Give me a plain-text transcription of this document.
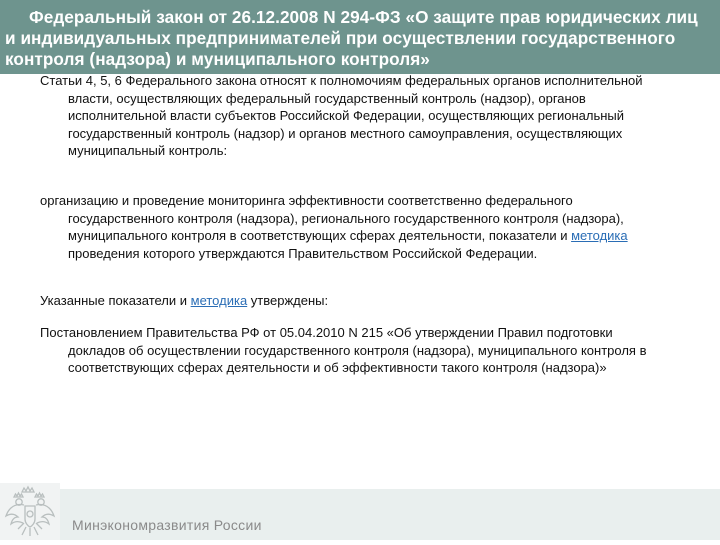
Федеральный закон от 26.12.2008 N 294-ФЗ «О защите прав юридических лиц и индивидуальных предпринимателей при осуществлении государственного контроля (надзора) и муниципального контроля»

Статьи 4, 5, 6 Федерального закона относят к полномочиям федеральных органов исполнительной
власти, осуществляющих федеральный государственный контроль (надзор), органов
исполнительной власти субъектов Российской Федерации, осуществляющих региональный
государственный контроль (надзор) и органов местного самоуправления, осуществляющих
муниципальный контроль:

организацию и проведение мониторинга эффективности соответственно федерального
государственного контроля (надзора), регионального государственного контроля (надзора),
муниципального контроля в соответствующих сферах деятельности, показатели и методика
проведения которого утверждаются Правительством Российской Федерации.

Указанные показатели и методика утверждены:

Постановлением Правительства РФ от 05.04.2010 N 215 «Об утверждении Правил подготовки
докладов об осуществлении государственного контроля (надзора), муниципального контроля в
соответствующих сферах деятельности и об эффективности такого контроля (надзора)»

Минэкономразвития России
